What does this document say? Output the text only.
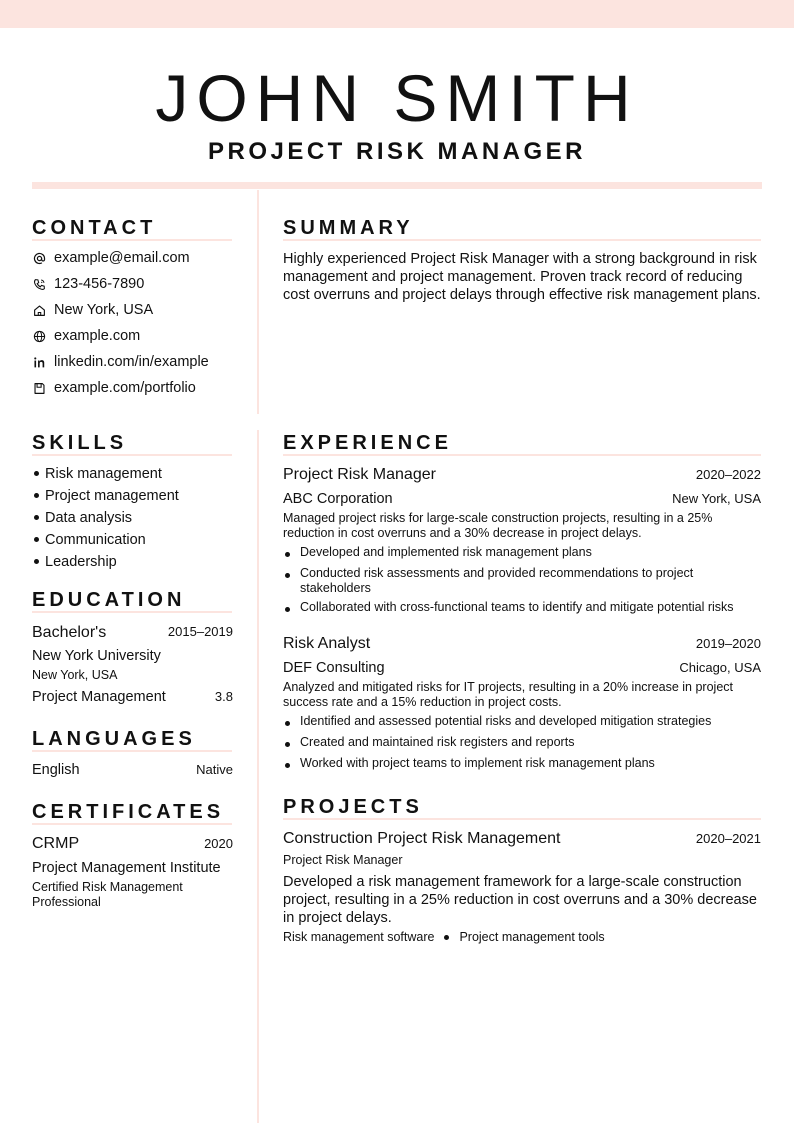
JOHN SMITH
PROJECT RISK MANAGER
CONTACT
example@email.com
123-456-7890
New York, USA
example.com
linkedin.com/in/example
example.com/portfolio
SUMMARY
Highly experienced Project Risk Manager with a strong background in risk management and project management. Proven track record of reducing cost overruns and project delays through effective risk management plans.
SKILLS
Risk management
Project management
Data analysis
Communication
Leadership
EDUCATION
Bachelor's	2015–2019
New York University
New York, USA
Project Management	3.8
LANGUAGES
English	Native
CERTIFICATES
CRMP	2020
Project Management Institute
Certified Risk Management Professional
EXPERIENCE
Project Risk Manager	2020–2022
ABC Corporation	New York, USA
Managed project risks for large-scale construction projects, resulting in a 25% reduction in cost overruns and a 30% decrease in project delays.
Developed and implemented risk management plans
Conducted risk assessments and provided recommendations to project stakeholders
Collaborated with cross-functional teams to identify and mitigate potential risks
Risk Analyst	2019–2020
DEF Consulting	Chicago, USA
Analyzed and mitigated risks for IT projects, resulting in a 20% increase in project success rate and a 15% reduction in project costs.
Identified and assessed potential risks and developed mitigation strategies
Created and maintained risk registers and reports
Worked with project teams to implement risk management plans
PROJECTS
Construction Project Risk Management	2020–2021
Project Risk Manager
Developed a risk management framework for a large-scale construction project, resulting in a 25% reduction in cost overruns and a 30% decrease in project delays.
Risk management software Project management tools
